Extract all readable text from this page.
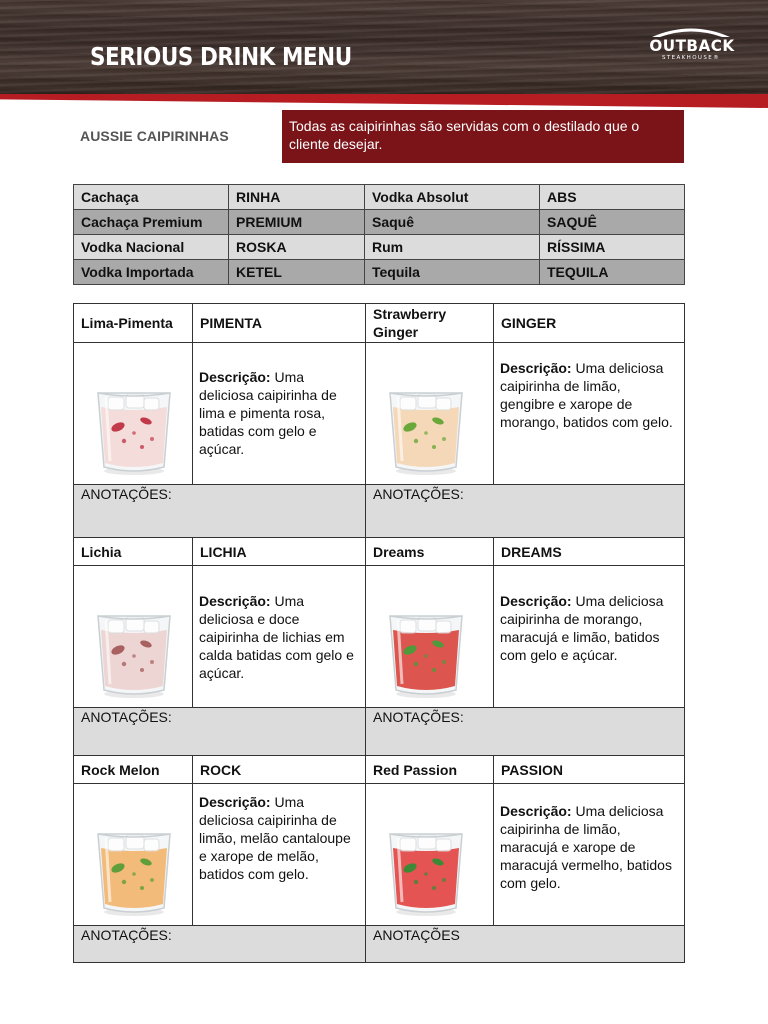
SERIOUS DRINK MENU	OUTBACK
STEAKHOUSE®
AUSSIE CAIPIRINHAS
Todas as caipirinhas são servidas com o destilado que o cliente desejar.
Cachaça	RINHA	Vodka Absolut	ABS
Cachaça Premium	PREMIUM	Saquê	SAQUÊ
Vodka Nacional	ROSKA	Rum	RÍSSIMA
Vodka Importada	KETEL	Tequila	TEQUILA
Lima-Pimenta	PIMENTA	Strawberry Ginger	GINGER

	Descrição: Uma deliciosa caipirinha de lima e pimenta rosa, batidas com gelo e açúcar.		Descrição: Uma deliciosa caipirinha de limão, gengibre e xarope de morango, batidos com gelo.
ANOTAÇÕES:		ANOTAÇÕES:	
Lichia	LICHIA	Dreams	DREAMS

	Descrição: Uma deliciosa e doce caipirinha de lichias em calda batidas com gelo e açúcar.		Descrição: Uma deliciosa caipirinha de morango, maracujá e limão, batidos com gelo e açúcar.
ANOTAÇÕES:		ANOTAÇÕES:	
Rock Melon	ROCK	Red Passion	PASSION

	Descrição: Uma deliciosa caipirinha de limão, melão cantaloupe e xarope de melão, batidos com gelo.		Descrição: Uma deliciosa caipirinha de limão, maracujá e xarope de maracujá vermelho, batidos com gelo.
ANOTAÇÕES:		ANOTAÇÕES	
